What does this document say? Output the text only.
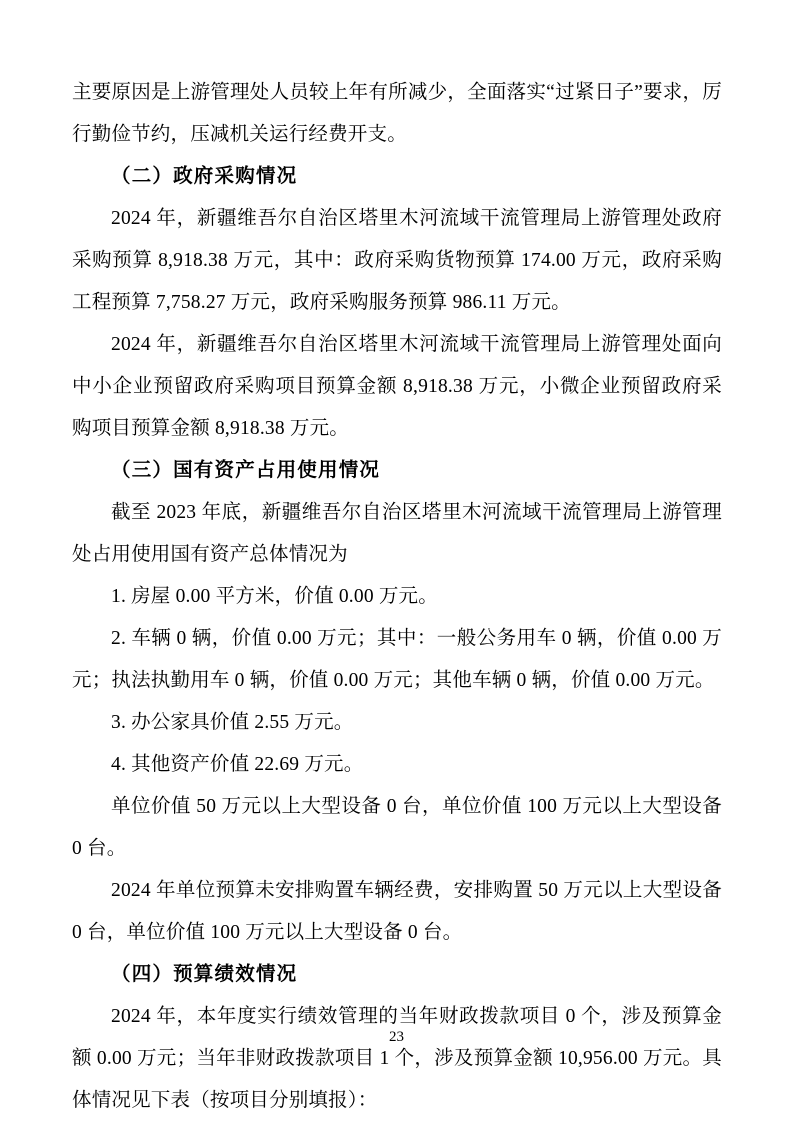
主要原因是上游管理处人员较上年有所减少，全面落实“过紧日子”要求，厉行勤俭节约，压减机关运行经费开支。

（二）政府采购情况

2024 年，新疆维吾尔自治区塔里木河流域干流管理局上游管理处政府采购预算 8,918.38 万元，其中：政府采购货物预算 174.00 万元，政府采购工程预算 7,758.27 万元，政府采购服务预算 986.11 万元。

2024 年，新疆维吾尔自治区塔里木河流域干流管理局上游管理处面向中小企业预留政府采购项目预算金额 8,918.38 万元，小微企业预留政府采购项目预算金额 8,918.38 万元。

（三）国有资产占用使用情况

截至 2023 年底，新疆维吾尔自治区塔里木河流域干流管理局上游管理处占用使用国有资产总体情况为

1. 房屋 0.00 平方米，价值 0.00 万元。

2. 车辆 0 辆，价值 0.00 万元；其中：一般公务用车 0 辆，价值 0.00 万元；执法执勤用车 0 辆，价值 0.00 万元；其他车辆 0 辆，价值 0.00 万元。

3. 办公家具价值 2.55 万元。

4. 其他资产价值 22.69 万元。

单位价值 50 万元以上大型设备 0 台，单位价值 100 万元以上大型设备 0 台。

2024 年单位预算未安排购置车辆经费，安排购置 50 万元以上大型设备 0 台，单位价值 100 万元以上大型设备 0 台。

（四）预算绩效情况

2024 年，本年度实行绩效管理的当年财政拨款项目 0 个，涉及预算金额 0.00 万元；当年非财政拨款项目 1 个，涉及预算金额 10,956.00 万元。具体情况见下表（按项目分别填报）：

23
